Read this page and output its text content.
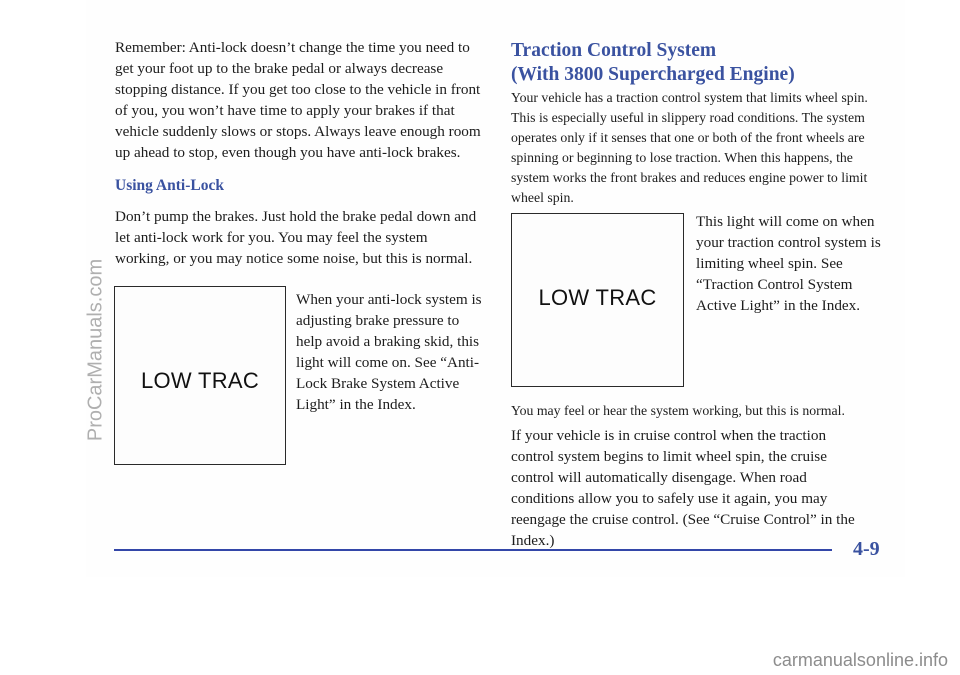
Remember: Anti-lock doesn’t change the time you need to get your foot up to the brake pedal or always decrease stopping distance. If you get too close to the vehicle in front of you, you won’t have time to apply your brakes if that vehicle suddenly slows or stops. Always leave enough room up ahead to stop, even though you have anti-lock brakes.

Using Anti-Lock

Don’t pump the brakes. Just hold the brake pedal down and let anti-lock work for you. You may feel the system working, or you may notice some noise, but this is normal.

LOW TRAC

When your anti-lock system is adjusting brake pressure to help avoid a braking skid, this light will come on. See “Anti-Lock Brake System Active Light” in the Index.

Traction Control System
(With 3800 Supercharged Engine)

Your vehicle has a traction control system that limits wheel spin. This is especially useful in slippery road conditions. The system operates only if it senses that one or both of the front wheels are spinning or beginning to lose traction. When this happens, the system works the front brakes and reduces engine power to limit wheel spin.

LOW TRAC

This light will come on when your traction control system is limiting wheel spin. See “Traction Control System Active Light” in the Index.

You may feel or hear the system working, but this is normal.

If your vehicle is in cruise control when the traction control system begins to limit wheel spin, the cruise control will automatically disengage. When road conditions allow you to safely use it again, you may reengage the cruise control. (See “Cruise Control” in the Index.)	4-9

ProCarManuals.com
carmanualsonline.info
